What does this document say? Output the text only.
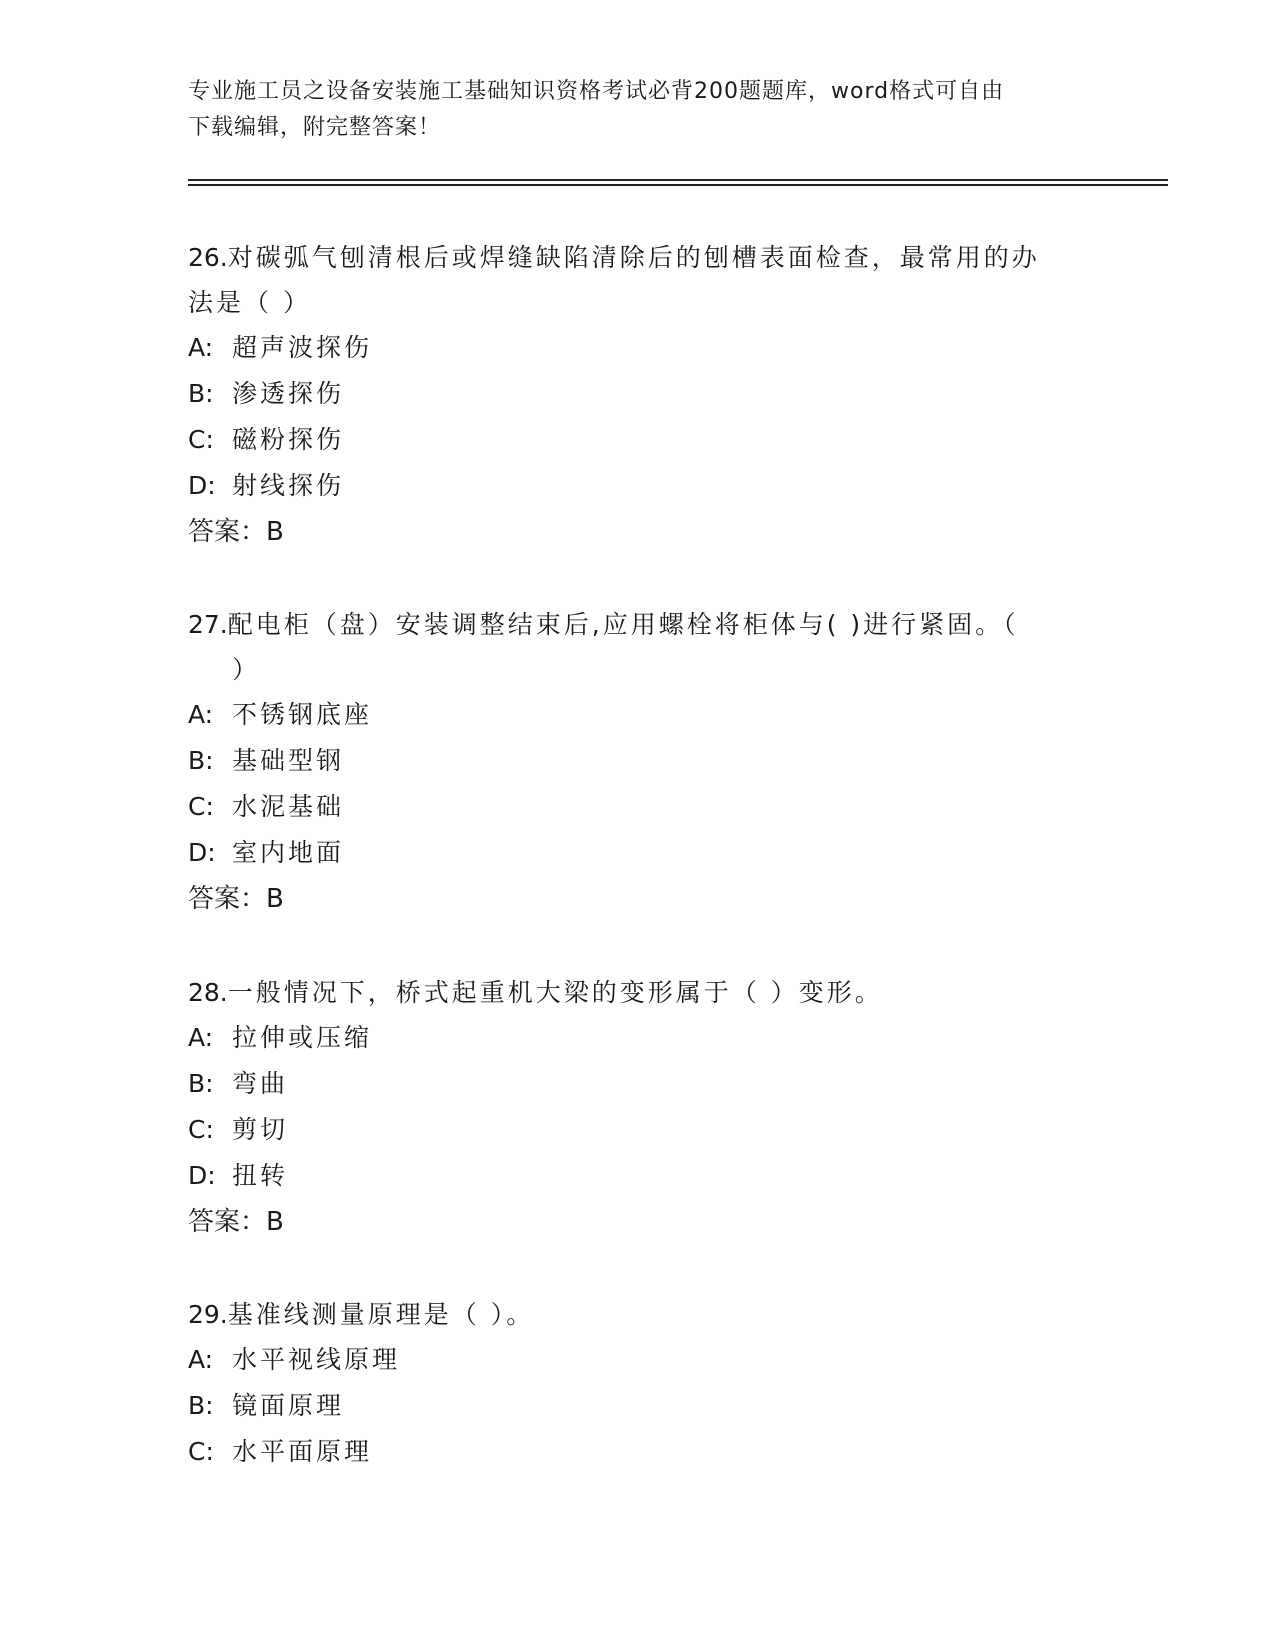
专业施工员之设备安装施工基础知识资格考试必背200题题库，word格式可自由
下载编辑，附完整答案！

26.对碳弧气刨清根后或焊缝缺陷清除后的刨槽表面检查，最常用的办

法是（ ）

A: 超声波探伤

B: 渗透探伤

C: 磁粉探伤

D: 射线探伤

答案：B

27.配电柜（盘）安装调整结束后,应用螺栓将柜体与( )进行紧固。（

）

A: 不锈钢底座

B: 基础型钢

C: 水泥基础

D: 室内地面

答案：B

28.一般情况下，桥式起重机大梁的变形属于（ ）变形。

A: 拉伸或压缩

B: 弯曲

C: 剪切

D: 扭转

答案：B

29.基准线测量原理是（ ）。

A: 水平视线原理

B: 镜面原理

C: 水平面原理
